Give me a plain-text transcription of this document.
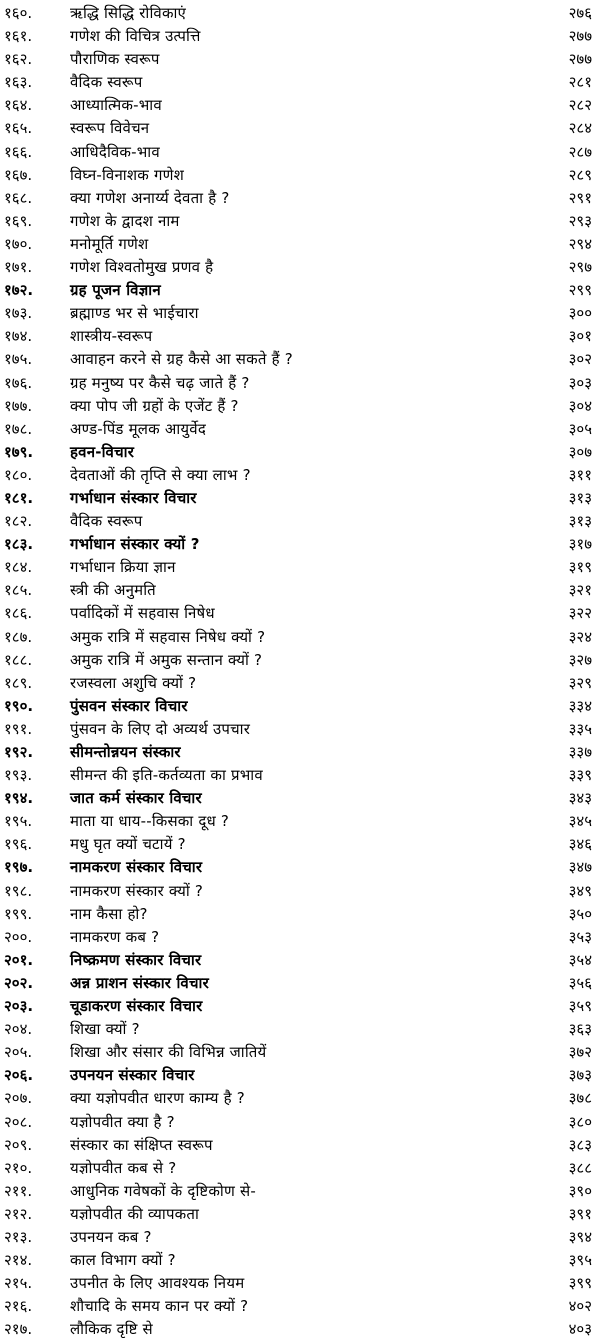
१६०.	ऋद्धि सिद्धि रोविकाएं	२७६
१६१.	गणेश की विचित्र उत्पत्ति	२७७
१६२.	पौराणिक स्वरूप	२७७
१६३.	वैदिक स्वरूप	२८१
१६४.	आध्यात्मिक-भाव	२८२
१६५.	स्वरूप विवेचन	२८४
१६६.	आधिदैविक-भाव	२८७
१६७.	विघ्न-विनाशक गणेश	२८९
१६८.	क्या गणेश अनार्य्य देवता है ?	२९१
१६९.	गणेश के द्वादश नाम	२९३
१७०.	मनोमूर्ति गणेश	२९४
१७१.	गणेश विश्वतोमुख प्रणव है	२९७
१७२. ग्रह पूजन विज्ञान	२९९
१७३.	ब्रह्माण्ड भर से भाईचारा	३००
१७४.	शास्त्रीय-स्वरूप	३०१
१७५.	आवाहन करने से ग्रह कैसे आ सकते हैं ?	३०२
१७६.	ग्रह मनुष्य पर कैसे चढ़ जाते हैं ?	३०३
१७७.	क्या पोप जी ग्रहों के एजेंट हैं ?	३०४
१७८.	अण्ड-पिंड मूलक आयुर्वेद	३०५
१७९. हवन-विचार	३०७
१८०.	देवताओं की तृप्ति से क्या लाभ ?	३११
१८१. गर्भाधान संस्कार विचार	३१३
१८२.	वैदिक स्वरूप	३१३
१८३. गर्भाधान संस्कार क्यों ?	३१७
१८४.	गर्भाधान क्रिया ज्ञान	३१९
१८५.	स्त्री की अनुमति	३२१
१८६.	पर्वादिकों में सहवास निषेध	३२२
१८७.	अमुक रात्रि में सहवास निषेध क्यों ?	३२४
१८८.	अमुक रात्रि में अमुक सन्तान क्यों ?	३२७
१८९.	रजस्वला अशुचि क्यों ?	३२९
१९०. पुंसवन संस्कार विचार	३३४
१९१.	पुंसवन के लिए दो अव्यर्थ उपचार	३३५
१९२. सीमन्तोन्नयन संस्कार	३३७
१९३.	सीमन्त की इति-कर्तव्यता का प्रभाव	३३९
१९४. जात कर्म संस्कार विचार	३४३
१९५.	माता या धाय--किसका दूध ?	३४५
१९६.	मधु घृत क्यों चटायें ?	३४६
१९७. नामकरण संस्कार विचार	३४७
१९८.	नामकरण संस्कार क्यों ?	३४९
१९९.	नाम कैसा हो?	३५०
२००.	नामकरण कब ?	३५३
२०१. निष्क्रमण संस्कार विचार	३५४
२०२. अन्न प्राशन संस्कार विचार	३५६
२०३. चूडाकरण संस्कार विचार	३५९
२०४.	शिखा क्यों ?	३६३
२०५.	शिखा और संसार की विभिन्न जातियें	३७२
२०६. उपनयन संस्कार विचार	३७३
२०७.	क्या यज्ञोपवीत धारण काम्य है ?	३७८
२०८.	यज्ञोपवीत क्या है ?	३८०
२०९.	संस्कार का संक्षिप्त स्वरूप	३८३
२१०.	यज्ञोपवीत कब से ?	३८८
२११.	आधुनिक गवेषकों के दृष्टिकोण से-	३९०
२१२.	यज्ञोपवीत की व्यापकता	३९१
२१३.	उपनयन कब ?	३९४
२१४.	काल विभाग क्यों ?	३९५
२१५.	उपनीत के लिए आवश्यक नियम	३९९
२१६.	शौचादि के समय कान पर क्यों ?	४०२
२१७.	लौकिक दृष्टि से	४०३
